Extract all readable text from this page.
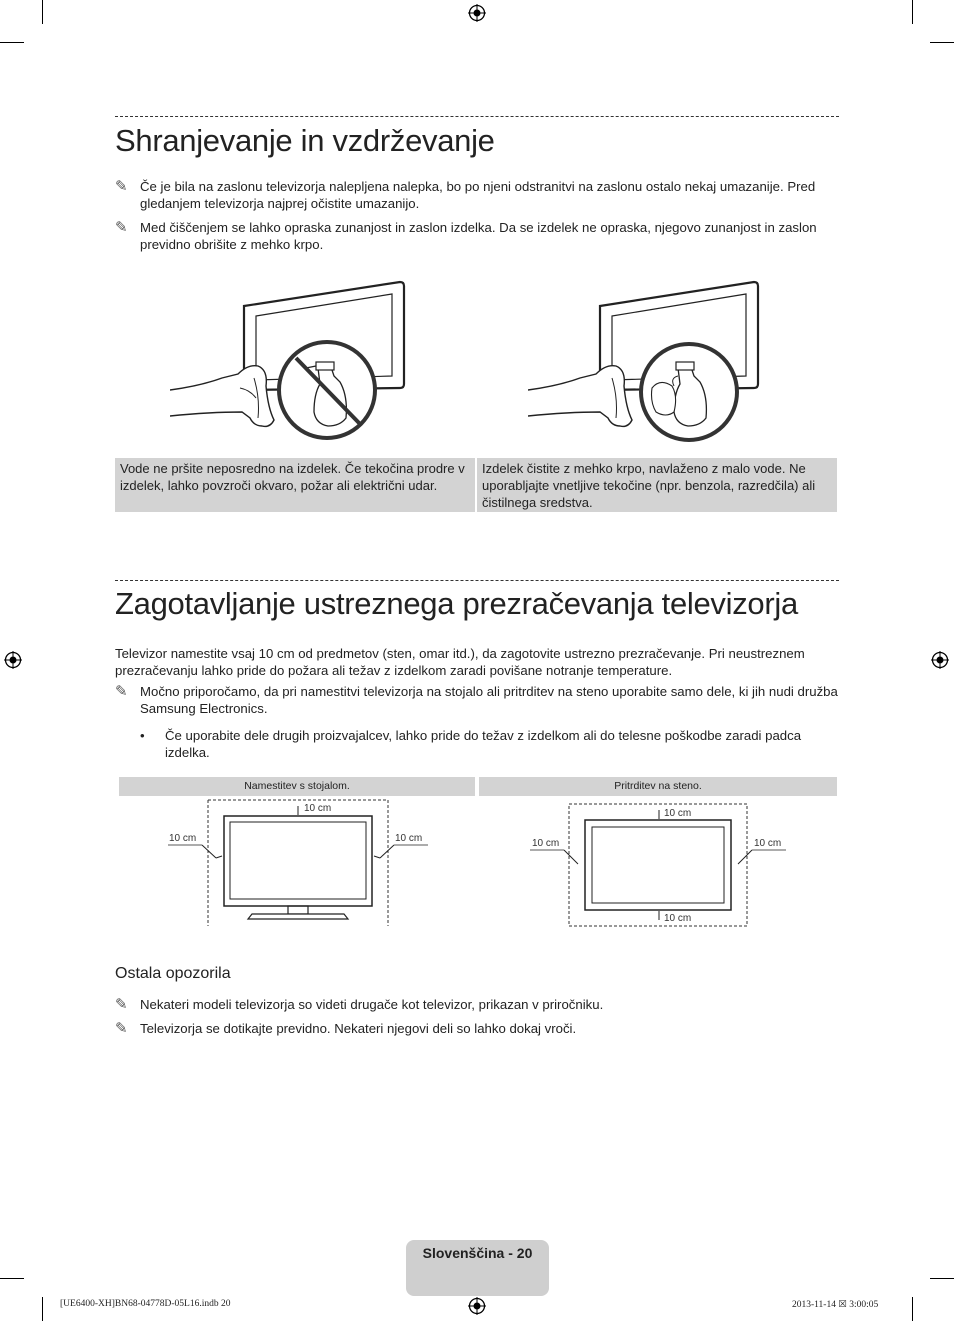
Shranjevanje in vzdrževanje
✎ Če je bila na zaslonu televizorja nalepljena nalepka, bo po njeni odstranitvi na zaslonu ostalo nekaj umazanije. Pred gledanjem televizorja najprej očistite umazanijo.
✎ Med čiščenjem se lahko opraska zunanjost in zaslon izdelka. Da se izdelek ne opraska, njegovo zunanjost in zaslon previdno obrišite z mehko krpo.
Vode ne pršite neposredno na izdelek. Če tekočina prodre v izdelek, lahko povzroči okvaro, požar ali električni udar.
Izdelek čistite z mehko krpo, navlaženo z malo vode. Ne uporabljajte vnetljive tekočine (npr. benzola, razredčila) ali čistilnega sredstva.
Zagotavljanje ustreznega prezračevanja televizorja
Televizor namestite vsaj 10 cm od predmetov (sten, omar itd.), da zagotovite ustrezno prezračevanje. Pri neustreznem prezračevanju lahko pride do požara ali težav z izdelkom zaradi povišane notranje temperature.
✎ Močno priporočamo, da pri namestitvi televizorja na stojalo ali pritrditev na steno uporabite samo dele, ki jih nudi družba Samsung Electronics.
• Če uporabite dele drugih proizvajalcev, lahko pride do težav z izdelkom ali do telesne poškodbe zaradi padca izdelka.
Namestitev s stojalom.	Pritrditev na steno.
10 cm
10 cm	10 cm
10 cm
10 cm	10 cm
10 cm
Ostala opozorila
✎ Nekateri modeli televizorja so videti drugače kot televizor, prikazan v priročniku.
✎ Televizorja se dotikajte previdno. Nekateri njegovi deli so lahko dokaj vroči.
Slovenščina - 20
[UE6400-XH]BN68-04778D-05L16.indb 20	2013-11-14 ☒ 3:00:05
